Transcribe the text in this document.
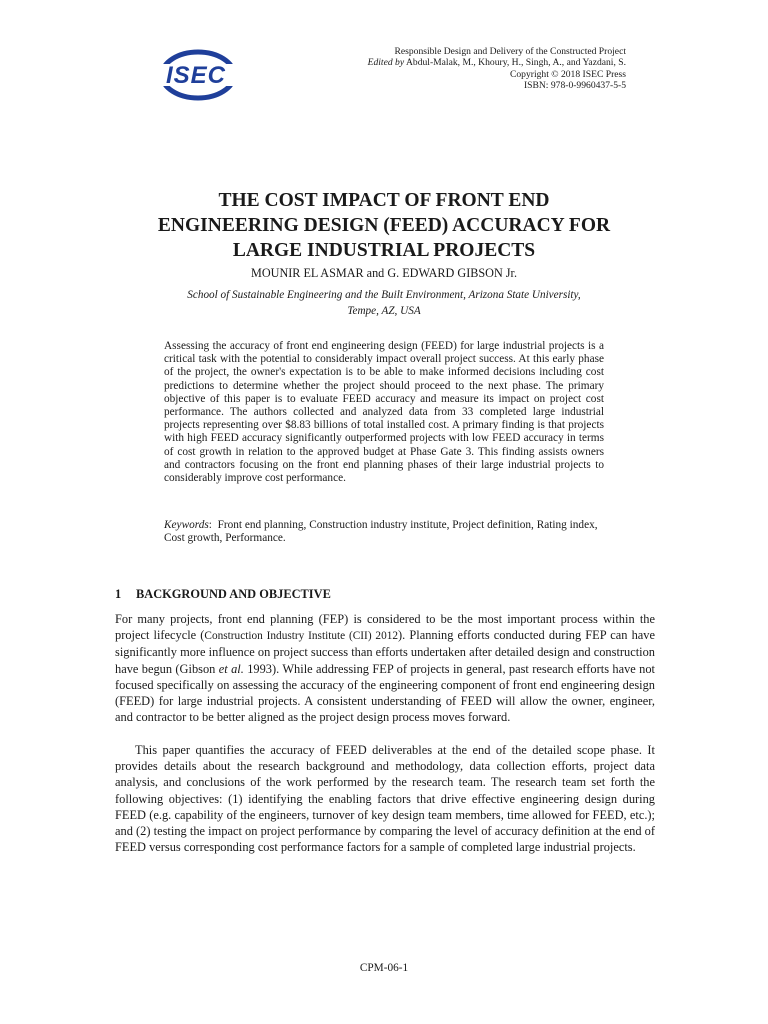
ISEC
Responsible Design and Delivery of the Constructed Project
Edited by Abdul-Malak, M., Khoury, H., Singh, A., and Yazdani, S.
Copyright © 2018 ISEC Press
ISBN: 978-0-9960437-5-5
THE COST IMPACT OF FRONT END
ENGINEERING DESIGN (FEED) ACCURACY FOR
LARGE INDUSTRIAL PROJECTS
MOUNIR EL ASMAR and G. EDWARD GIBSON Jr.
School of Sustainable Engineering and the Built Environment, Arizona State University,
Tempe, AZ, USA

Assessing the accuracy of front end engineering design (FEED) for large industrial projects is a critical task with the potential to considerably impact overall project success. At this early phase of the project, the owner's expectation is to be able to make informed decisions including cost predictions to determine whether the project should proceed to the next phase. The primary objective of this paper is to evaluate FEED accuracy and measure its impact on project cost performance. The authors collected and analyzed data from 33 completed large industrial projects representing over $8.83 billions of total installed cost. A primary finding is that projects with high FEED accuracy significantly outperformed projects with low FEED accuracy in terms of cost growth in relation to the approved budget at Phase Gate 3. This finding assists owners and contractors focusing on the front end planning phases of their large industrial projects to considerably improve cost performance.

Keywords:  Front end planning, Construction industry institute, Project definition, Rating index, Cost growth, Performance.

1 BACKGROUND AND OBJECTIVE

For many projects, front end planning (FEP) is considered to be the most important process within the project lifecycle (Construction Industry Institute (CII) 2012). Planning efforts conducted during FEP can have significantly more influence on project success than efforts undertaken after detailed design and construction have begun (Gibson et al. 1993). While addressing FEP of projects in general, past research efforts have not focused specifically on assessing the accuracy of the engineering component of front end engineering design (FEED) for large industrial projects. A consistent understanding of FEED will allow the owner, engineer, and contractor to be better aligned as the project design process moves forward.

This paper quantifies the accuracy of FEED deliverables at the end of the detailed scope phase. It provides details about the research background and methodology, data collection efforts, project data analysis, and conclusions of the work performed by the research team. The research team set forth the following objectives: (1) identifying the enabling factors that drive effective engineering design during FEED (e.g. capability of the engineers, turnover of key design team members, time allowed for FEED, etc.); and (2) testing the impact on project performance by comparing the level of accuracy definition at the end of FEED versus corresponding cost performance factors for a sample of completed large industrial projects.

CPM-06-1
